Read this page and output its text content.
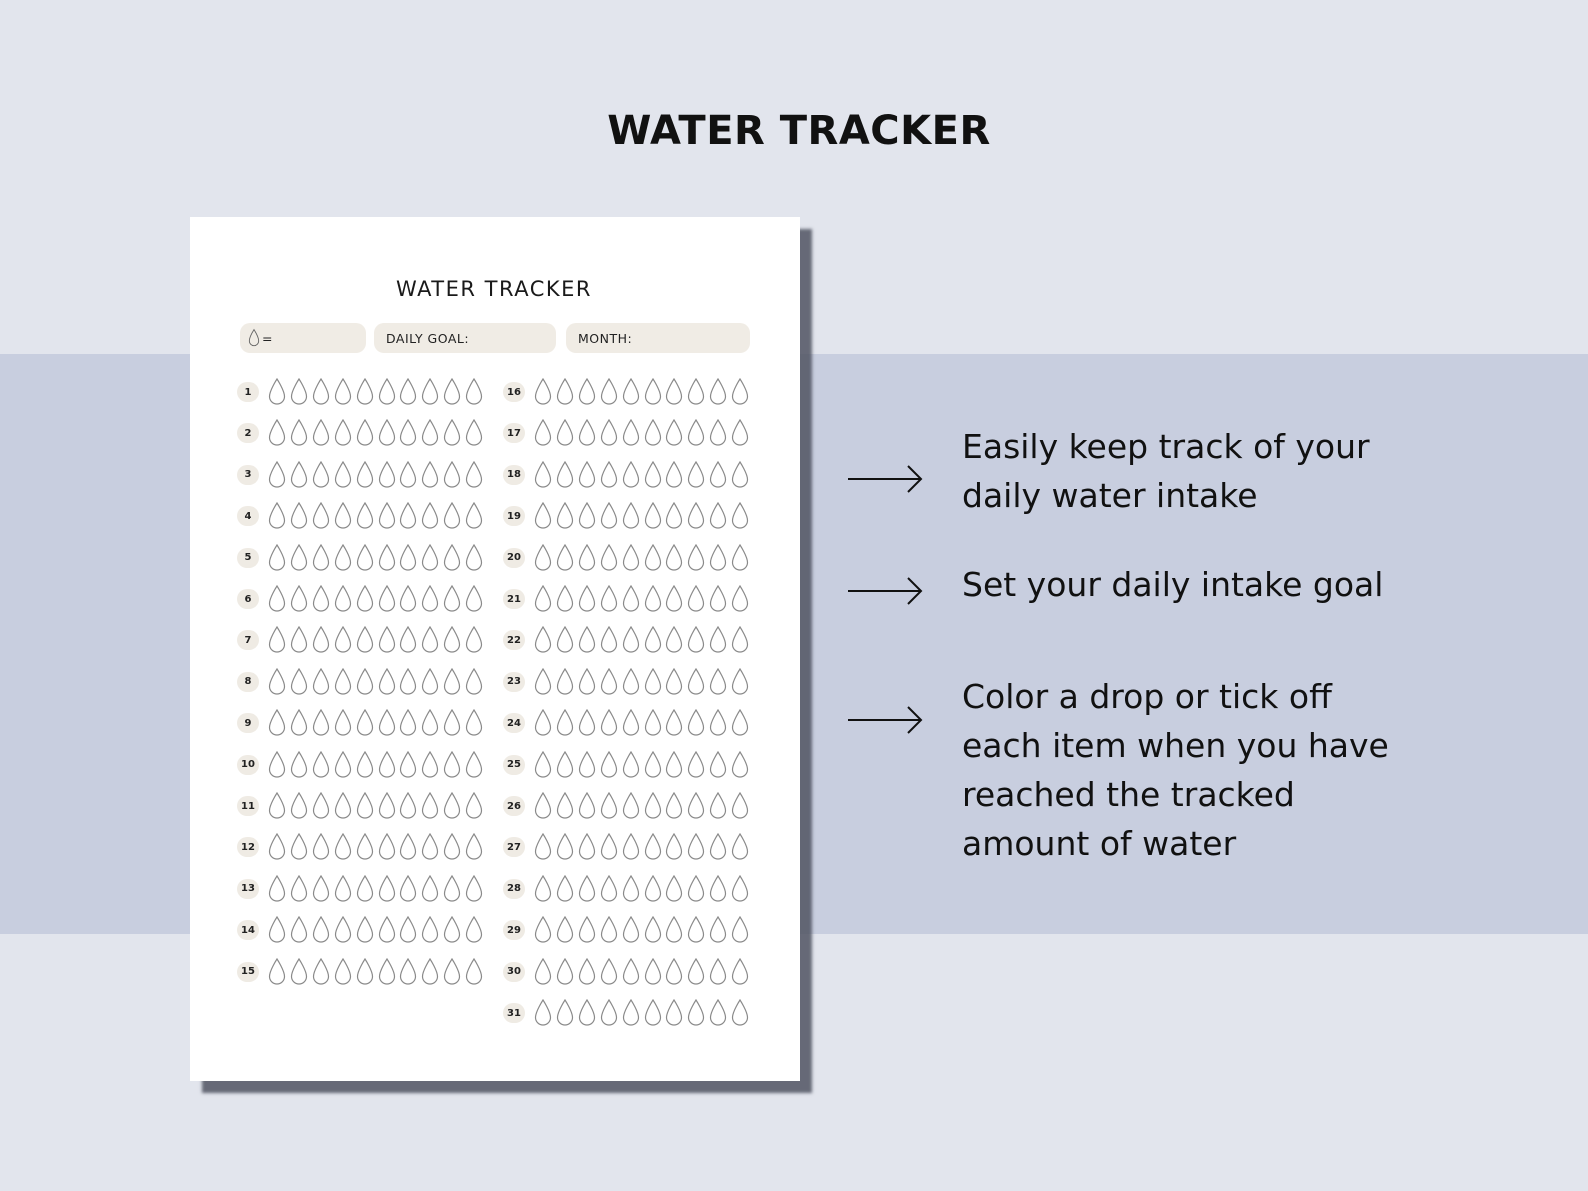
WATER TRACKER
WATER TRACKER
=	DAILY GOAL:	MONTH:
1
2
3
4
5
6
7
8
9
10
11
12
13
14
15
16
17
18
19
20
21
22
23
24
25
26
27
28
29
30
31
Easily keep track of your
daily water intake
Set your daily intake goal
Color a drop or tick off
each item when you have
reached the tracked
amount of water
